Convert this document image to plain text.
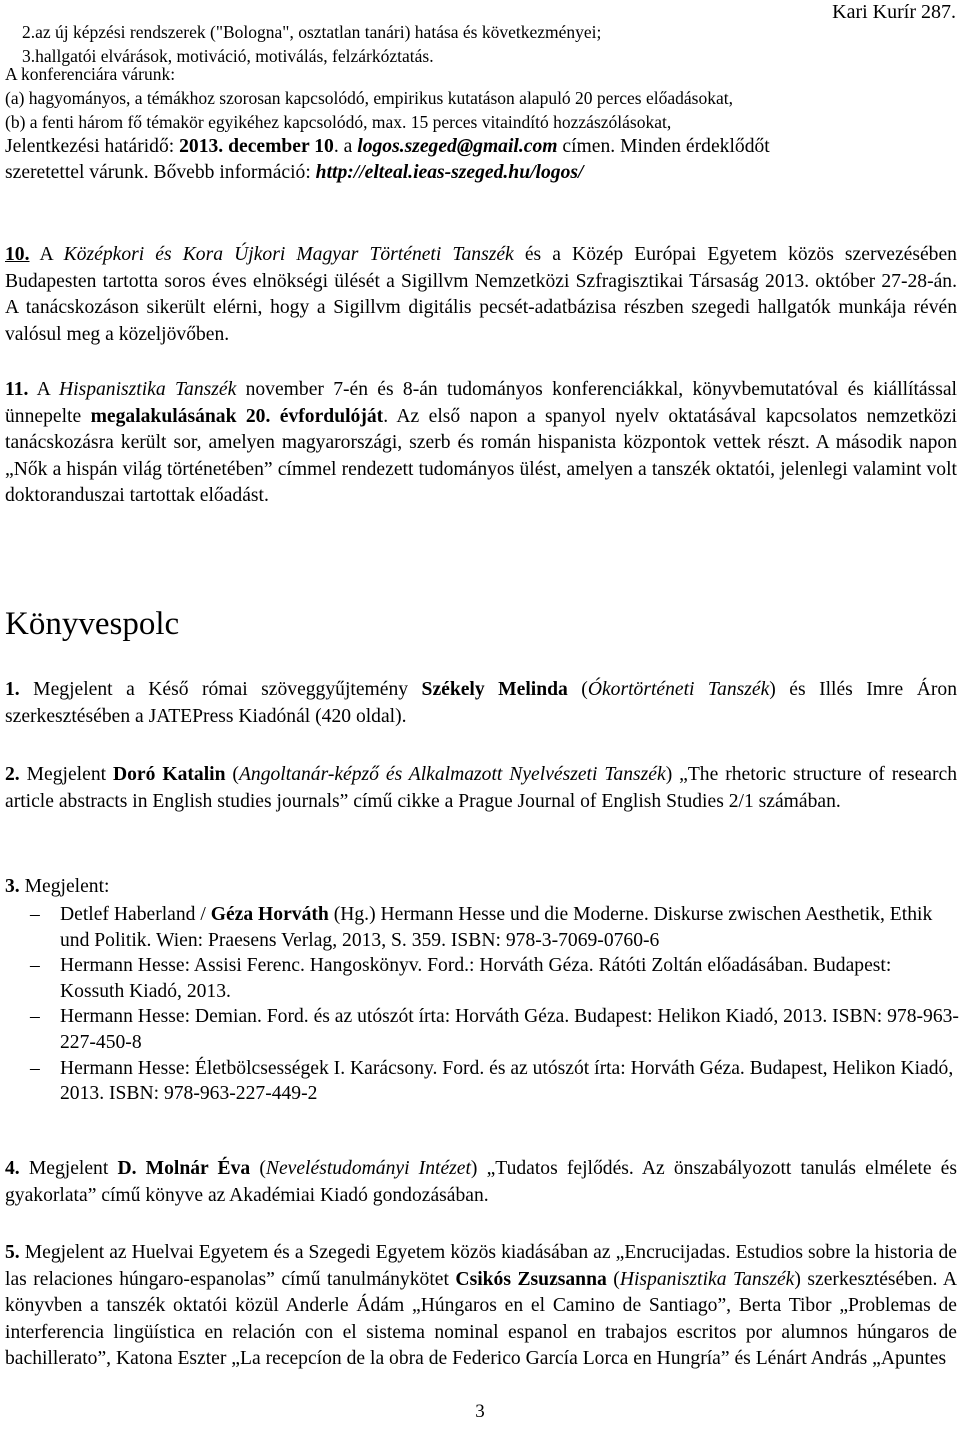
Kari Kurír 287.
2.az új képzési rendszerek ("Bologna", osztatlan tanári) hatása és következményei;
3.hallgatói elvárások, motiváció, motiválás, felzárkóztatás.
A konferenciára várunk:
(a) hagyományos, a témákhoz szorosan kapcsolódó, empirikus kutatáson alapuló 20 perces előadásokat,
(b) a fenti három fő témakör egyikéhez kapcsolódó, max. 15 perces vitaindító hozzászólásokat,
Jelentkezési határidő: 2013. december 10. a logos.szeged@gmail.com címen. Minden érdeklődőt
szeretettel várunk. Bővebb információ: http://elteal.ieas-szeged.hu/logos/

10. A Középkori és Kora Újkori Magyar Történeti Tanszék és a Közép Európai Egyetem közös szervezésében Budapesten tartotta soros éves elnökségi ülését a Sigillvm Nemzetközi Szfragisztikai Társaság 2013. október 27-28-án. A tanácskozáson sikerült elérni, hogy a Sigillvm digitális pecsét-adatbázisa részben szegedi hallgatók munkája révén valósul meg a közeljövőben.

11. A Hispanisztika Tanszék november 7-én és 8-án tudományos konferenciákkal, könyvbemutatóval és kiállítással ünnepelte megalakulásának 20. évfordulóját. Az első napon a spanyol nyelv oktatásával kapcsolatos nemzetközi tanácskozásra került sor, amelyen magyarországi, szerb és román hispanista központok vettek részt. A második napon „Nők a hispán világ történetében” címmel rendezett tudományos ülést, amelyen a tanszék oktatói, jelenlegi valamint volt doktoranduszai tartottak előadást.

Könyvespolc

1. Megjelent a Késő római szöveggyűjtemény Székely Melinda (Ókortörténeti Tanszék) és Illés Imre Áron szerkesztésében a JATEPress Kiadónál (420 oldal).

2. Megjelent Doró Katalin (Angoltanár-képző és Alkalmazott Nyelvészeti Tanszék) „The rhetoric structure of research article abstracts in English studies journals” című cikke a Prague Journal of English Studies 2/1 számában.

3. Megjelent:

– Detlef Haberland / Géza Horváth (Hg.) Hermann Hesse und die Moderne. Diskurse zwischen Aesthetik, Ethik und Politik. Wien: Praesens Verlag, 2013, S. 359. ISBN: 978-3-7069-0760-6
– Hermann Hesse: Assisi Ferenc. Hangoskönyv. Ford.: Horváth Géza. Rátóti Zoltán előadásában. Budapest: Kossuth Kiadó, 2013.
– Hermann Hesse: Demian. Ford. és az utószót írta: Horváth Géza. Budapest: Helikon Kiadó, 2013. ISBN: 978-963-227-450-8
– Hermann Hesse: Életbölcsességek I. Karácsony. Ford. és az utószót írta: Horváth Géza. Budapest, Helikon Kiadó, 2013. ISBN: 978-963-227-449-2

4. Megjelent D. Molnár Éva (Neveléstudományi Intézet) „Tudatos fejlődés. Az önszabályozott tanulás elmélete és gyakorlata” című könyve az Akadémiai Kiadó gondozásában.

5. Megjelent az Huelvai Egyetem és a Szegedi Egyetem közös kiadásában az „Encrucijadas. Estudios sobre la historia de las relaciones húngaro-espanolas” című tanulmánykötet Csikós Zsuzsanna (Hispanisztika Tanszék) szerkesztésében. A könyvben a tanszék oktatói közül Anderle Ádám „Húngaros en el Camino de Santiago”, Berta Tibor „Problemas de interferencia lingüística en relación con el sistema nominal espanol en trabajos escritos por alumnos húngaros de bachillerato”, Katona Eszter „La recepcíon de la obra de Federico García Lorca en Hungría” és Lénárt András „Apuntes

3
